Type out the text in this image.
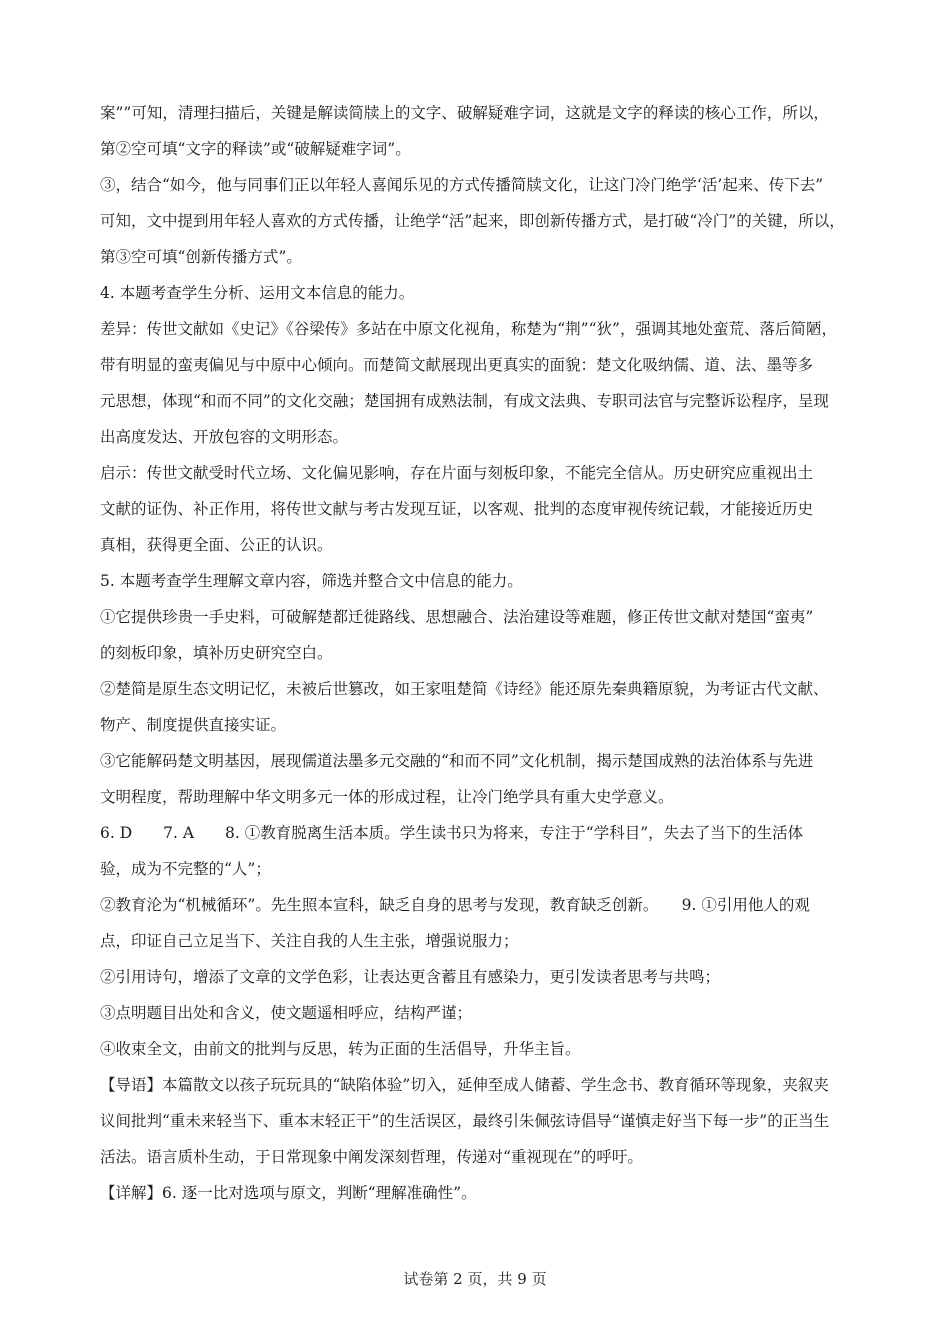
案””可知，清理扫描后，关键是解读简牍上的文字、破解疑难字词，这就是文字的释读的核心工作，所以，
第②空可填“文字的释读”或“破解疑难字词”。
③，结合“如今，他与同事们正以年轻人喜闻乐见的方式传播简牍文化，让这门冷门绝学‘活’起来、传下去”
可知，文中提到用年轻人喜欢的方式传播，让绝学“活”起来，即创新传播方式，是打破“冷门”的关键，所以，
第③空可填“创新传播方式”。
4. 本题考查学生分析、运用文本信息的能力。
差异：传世文献如《史记》《谷梁传》多站在中原文化视角，称楚为“荆”“狄”，强调其地处蛮荒、落后简陋，
带有明显的蛮夷偏见与中原中心倾向。而楚简文献展现出更真实的面貌：楚文化吸纳儒、道、法、墨等多
元思想，体现“和而不同”的文化交融；楚国拥有成熟法制，有成文法典、专职司法官与完整诉讼程序，呈现
出高度发达、开放包容的文明形态。
启示：传世文献受时代立场、文化偏见影响，存在片面与刻板印象，不能完全信从。历史研究应重视出土
文献的证伪、补正作用，将传世文献与考古发现互证，以客观、批判的态度审视传统记载，才能接近历史
真相，获得更全面、公正的认识。
5. 本题考查学生理解文章内容，筛选并整合文中信息的能力。
①它提供珍贵一手史料，可破解楚都迁徙路线、思想融合、法治建设等难题，修正传世文献对楚国“蛮夷”
的刻板印象，填补历史研究空白。
②楚简是原生态文明记忆，未被后世篡改，如王家咀楚简《诗经》能还原先秦典籍原貌，为考证古代文献、
物产、制度提供直接实证。
③它能解码楚文明基因，展现儒道法墨多元交融的“和而不同”文化机制，揭示楚国成熟的法治体系与先进
文明程度，帮助理解中华文明多元一体的形成过程，让冷门绝学具有重大史学意义。
6. D　　7. A　　8. ①教育脱离生活本质。学生读书只为将来，专注于“学科目”，失去了当下的生活体
验，成为不完整的“人”；
②教育沦为“机械循环”。先生照本宣科，缺乏自身的思考与发现，教育缺乏创新。　　9. ①引用他人的观
点，印证自己立足当下、关注自我的人生主张，增强说服力；
②引用诗句，增添了文章的文学色彩，让表达更含蓄且有感染力，更引发读者思考与共鸣；
③点明题目出处和含义，使文题遥相呼应，结构严谨；
④收束全文，由前文的批判与反思，转为正面的生活倡导，升华主旨。
【导语】本篇散文以孩子玩玩具的“缺陷体验”切入，延伸至成人储蓄、学生念书、教育循环等现象，夹叙夹
议间批判“重未来轻当下、重本末轻正干”的生活误区，最终引朱佩弦诗倡导“谨慎走好当下每一步”的正当生
活法。语言质朴生动，于日常现象中阐发深刻哲理，传递对“重视现在”的呼吁。
【详解】6. 逐一比对选项与原文，判断“理解准确性”。
试卷第 2 页，共 9 页
